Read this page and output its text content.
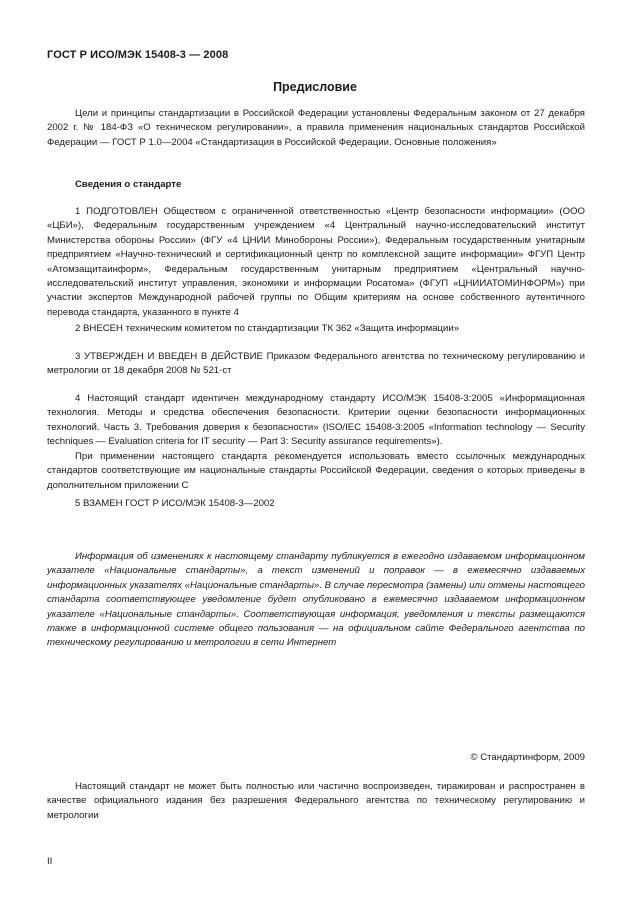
ГОСТ Р ИСО/МЭК 15408-3 — 2008
Предисловие

Цели и принципы стандартизации в Российской Федерации установлены Федеральным законом от 27 декабря 2002 г. № 184-ФЗ «О техническом регулировании», а правила применения национальных стандартов Российской Федерации — ГОСТ Р 1.0—2004 «Стандартизация в Российской Федерации. Основные положения»

Сведения о стандарте

1 ПОДГОТОВЛЕН Обществом с ограниченной ответственностью «Центр безопасности информации» (ООО «ЦБИ»), Федеральным государственным учреждением «4 Центральный научно-исследовательский институт Министерства обороны России» (ФГУ «4 ЦНИИ Минобороны России»), Федеральным государственным унитарным предприятием «Научно-технический и сертификационный центр по комплексной защите информации» ФГУП Центр «Атомзащитаинформ», Федеральным государственным унитарным предприятием «Центральный научно-исследовательский институт управления, экономики и информации Росатома» (ФГУП «ЦНИИАТОМИНФОРМ») при участии экспертов Международной рабочей группы по Общим критериям на основе собственного аутентичного перевода стандарта, указанного в пункте 4

2 ВНЕСЕН техническим комитетом по стандартизации ТК 362 «Защита информации»

3 УТВЕРЖДЕН И ВВЕДЕН В ДЕЙСТВИЕ Приказом Федерального агентства по техническому регулированию и метрологии от 18 декабря 2008 № 521-ст

4 Настоящий стандарт идентичен международному стандарту ИСО/МЭК 15408-3:2005 «Информационная технология. Методы и средства обеспечения безопасности. Критерии оценки безопасности информационных технологий. Часть 3. Требования доверия к безопасности» (ISO/IEC 15408-3:2005 «Information technology — Security techniques — Evaluation criteria for IT security — Part 3: Security assurance requirements»).

При применении настоящего стандарта рекомендуется использовать вместо ссылочных международных стандартов соответствующие им национальные стандарты Российской Федерации, сведения о которых приведены в дополнительном приложении С

5 ВЗАМЕН ГОСТ Р ИСО/МЭК 15408-3—2002

Информация об изменениях к настоящему стандарту публикуется в ежегодно издаваемом информационном указателе «Национальные стандарты», а текст изменений и поправок — в ежемесячно издаваемых информационных указателях «Национальные стандарты». В случае пересмотра (замены) или отмены настоящего стандарта соответствующее уведомление будет опубликовано в ежемесячно издаваемом информационном указателе «Национальные стандарты». Соответствующая информация, уведомления и тексты размещаются также в информационной системе общего пользования — на официальном сайте Федерального агентства по техническому регулированию и метрологии в сети Интернет

© Стандартинформ, 2009

Настоящий стандарт не может быть полностью или частично воспроизведен, тиражирован и распространен в качестве официального издания без разрешения Федерального агентства по техническому регулированию и метрологии

II
